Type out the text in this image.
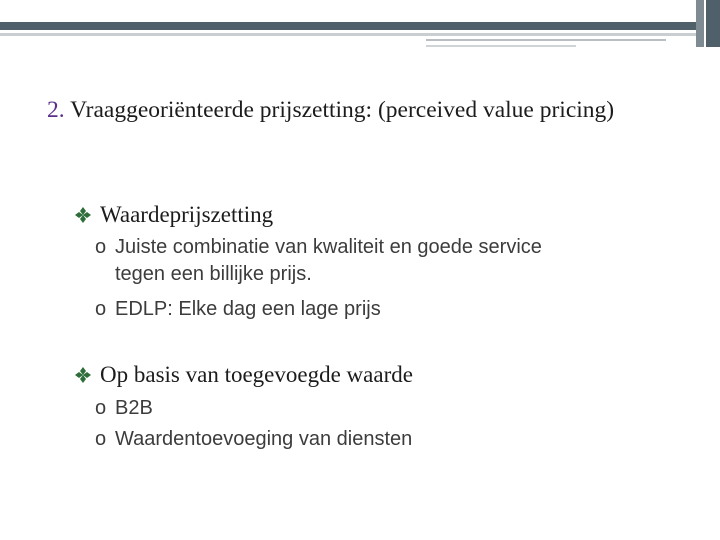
2. Vraaggeoriënteerde prijszetting: (perceived value pricing)
Waardeprijszetting
o Juiste combinatie van kwaliteit en goede service
tegen een billijke prijs.
o EDLP: Elke dag een lage prijs
Op basis van toegevoegde waarde
o B2B
o Waardentoevoeging van diensten
